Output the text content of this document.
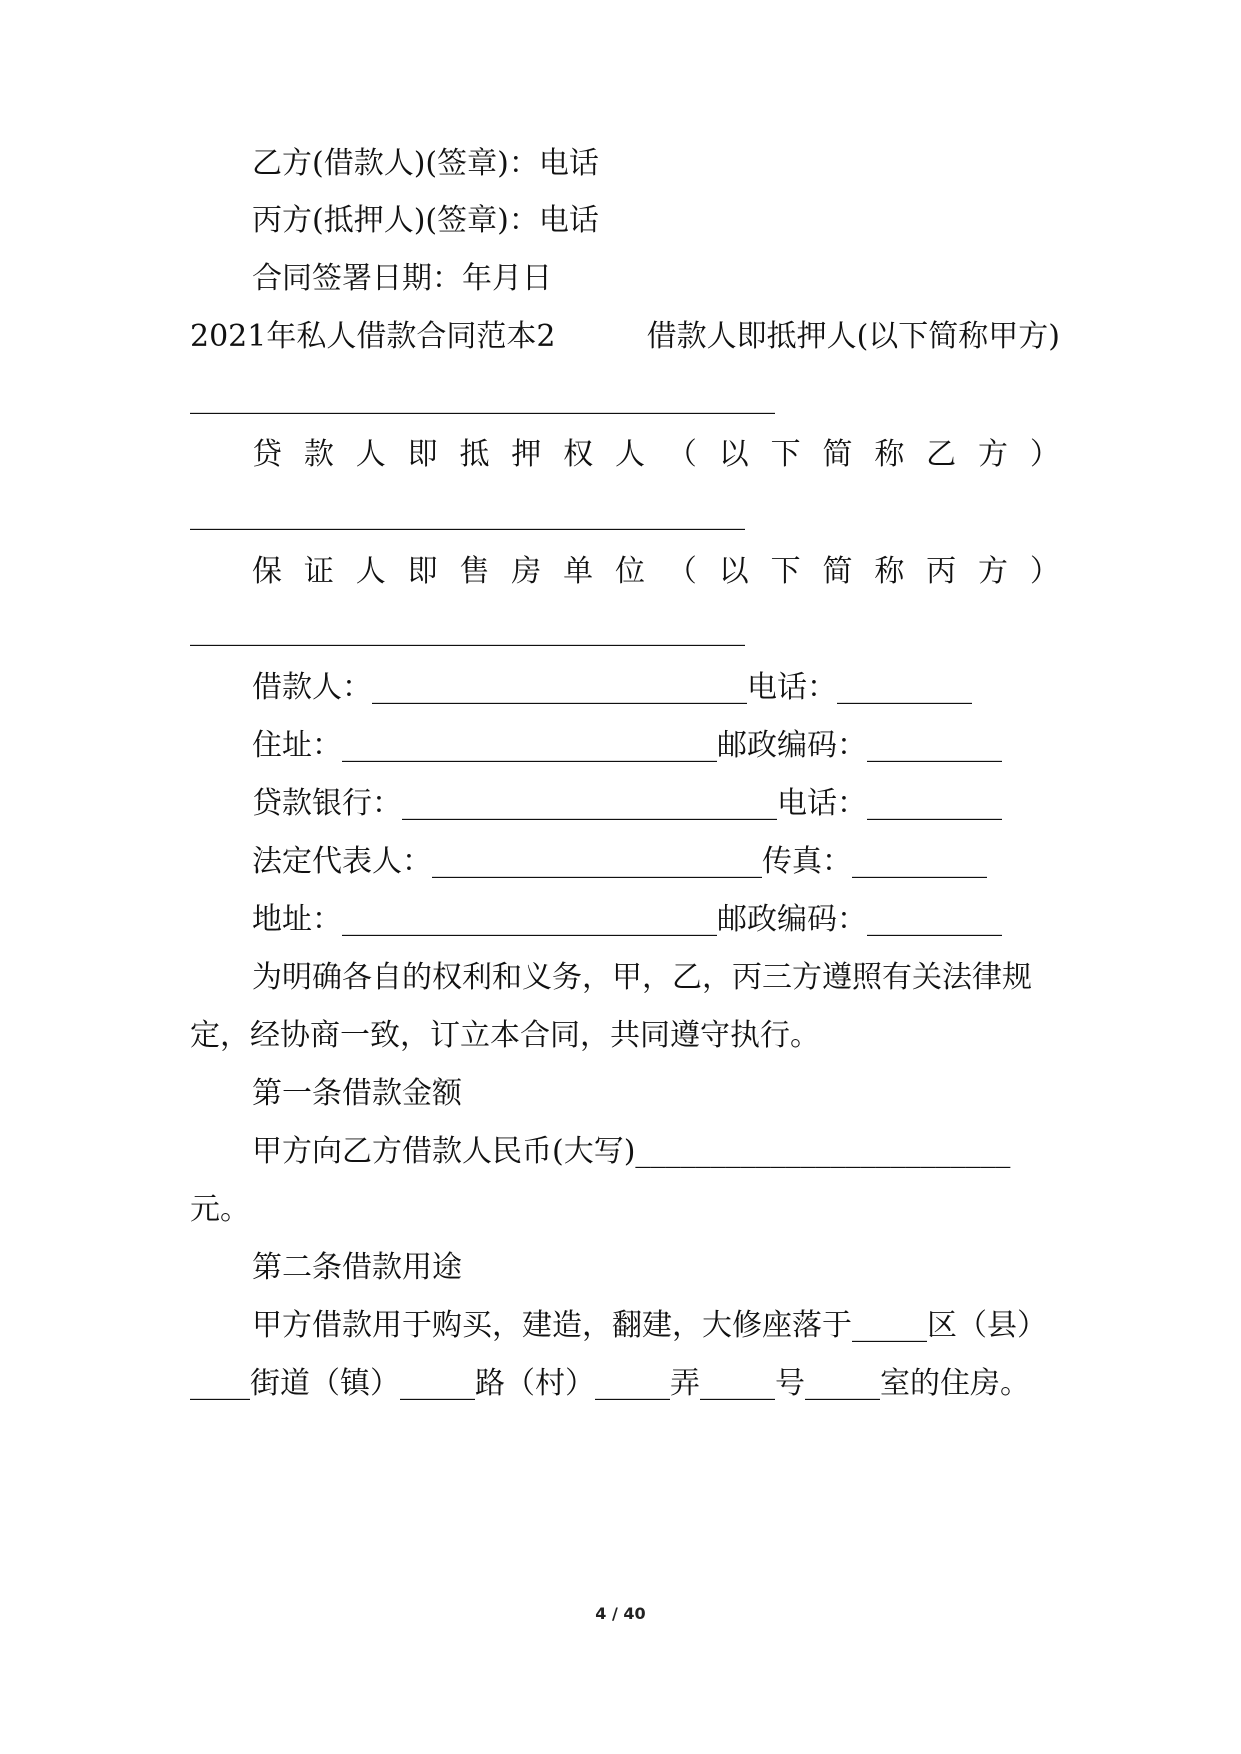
乙方(借款人)(签章)：电话

丙方(抵押人)(签章)：电话

合同签署日期：年月日

2021年私人借款合同范本2	借款人即抵押人(以下简称甲方)

_______________________________________

贷 款 人 即 抵 押 权 人 （ 以 下 简 称 乙 方 ）

_____________________________________

保 证 人 即 售 房 单 位 （ 以 下 简 称 丙 方 ）

_____________________________________

借款人：_________________________电话：_________

住址：_________________________邮政编码：_________

贷款银行：_________________________电话：_________

法定代表人：______________________传真：_________

地址：_________________________邮政编码：_________

为明确各自的权利和义务，甲，乙，丙三方遵照有关法律规

定，经协商一致，订立本合同，共同遵守执行。

第一条借款金额

甲方向乙方借款人民币(大写)_________________________

元。

第二条借款用途

甲方借款用于购买，建造，翻建，大修座落于_____区（县）

____街道（镇）_____路（村）_____弄_____号_____室的住房。

4 / 40
